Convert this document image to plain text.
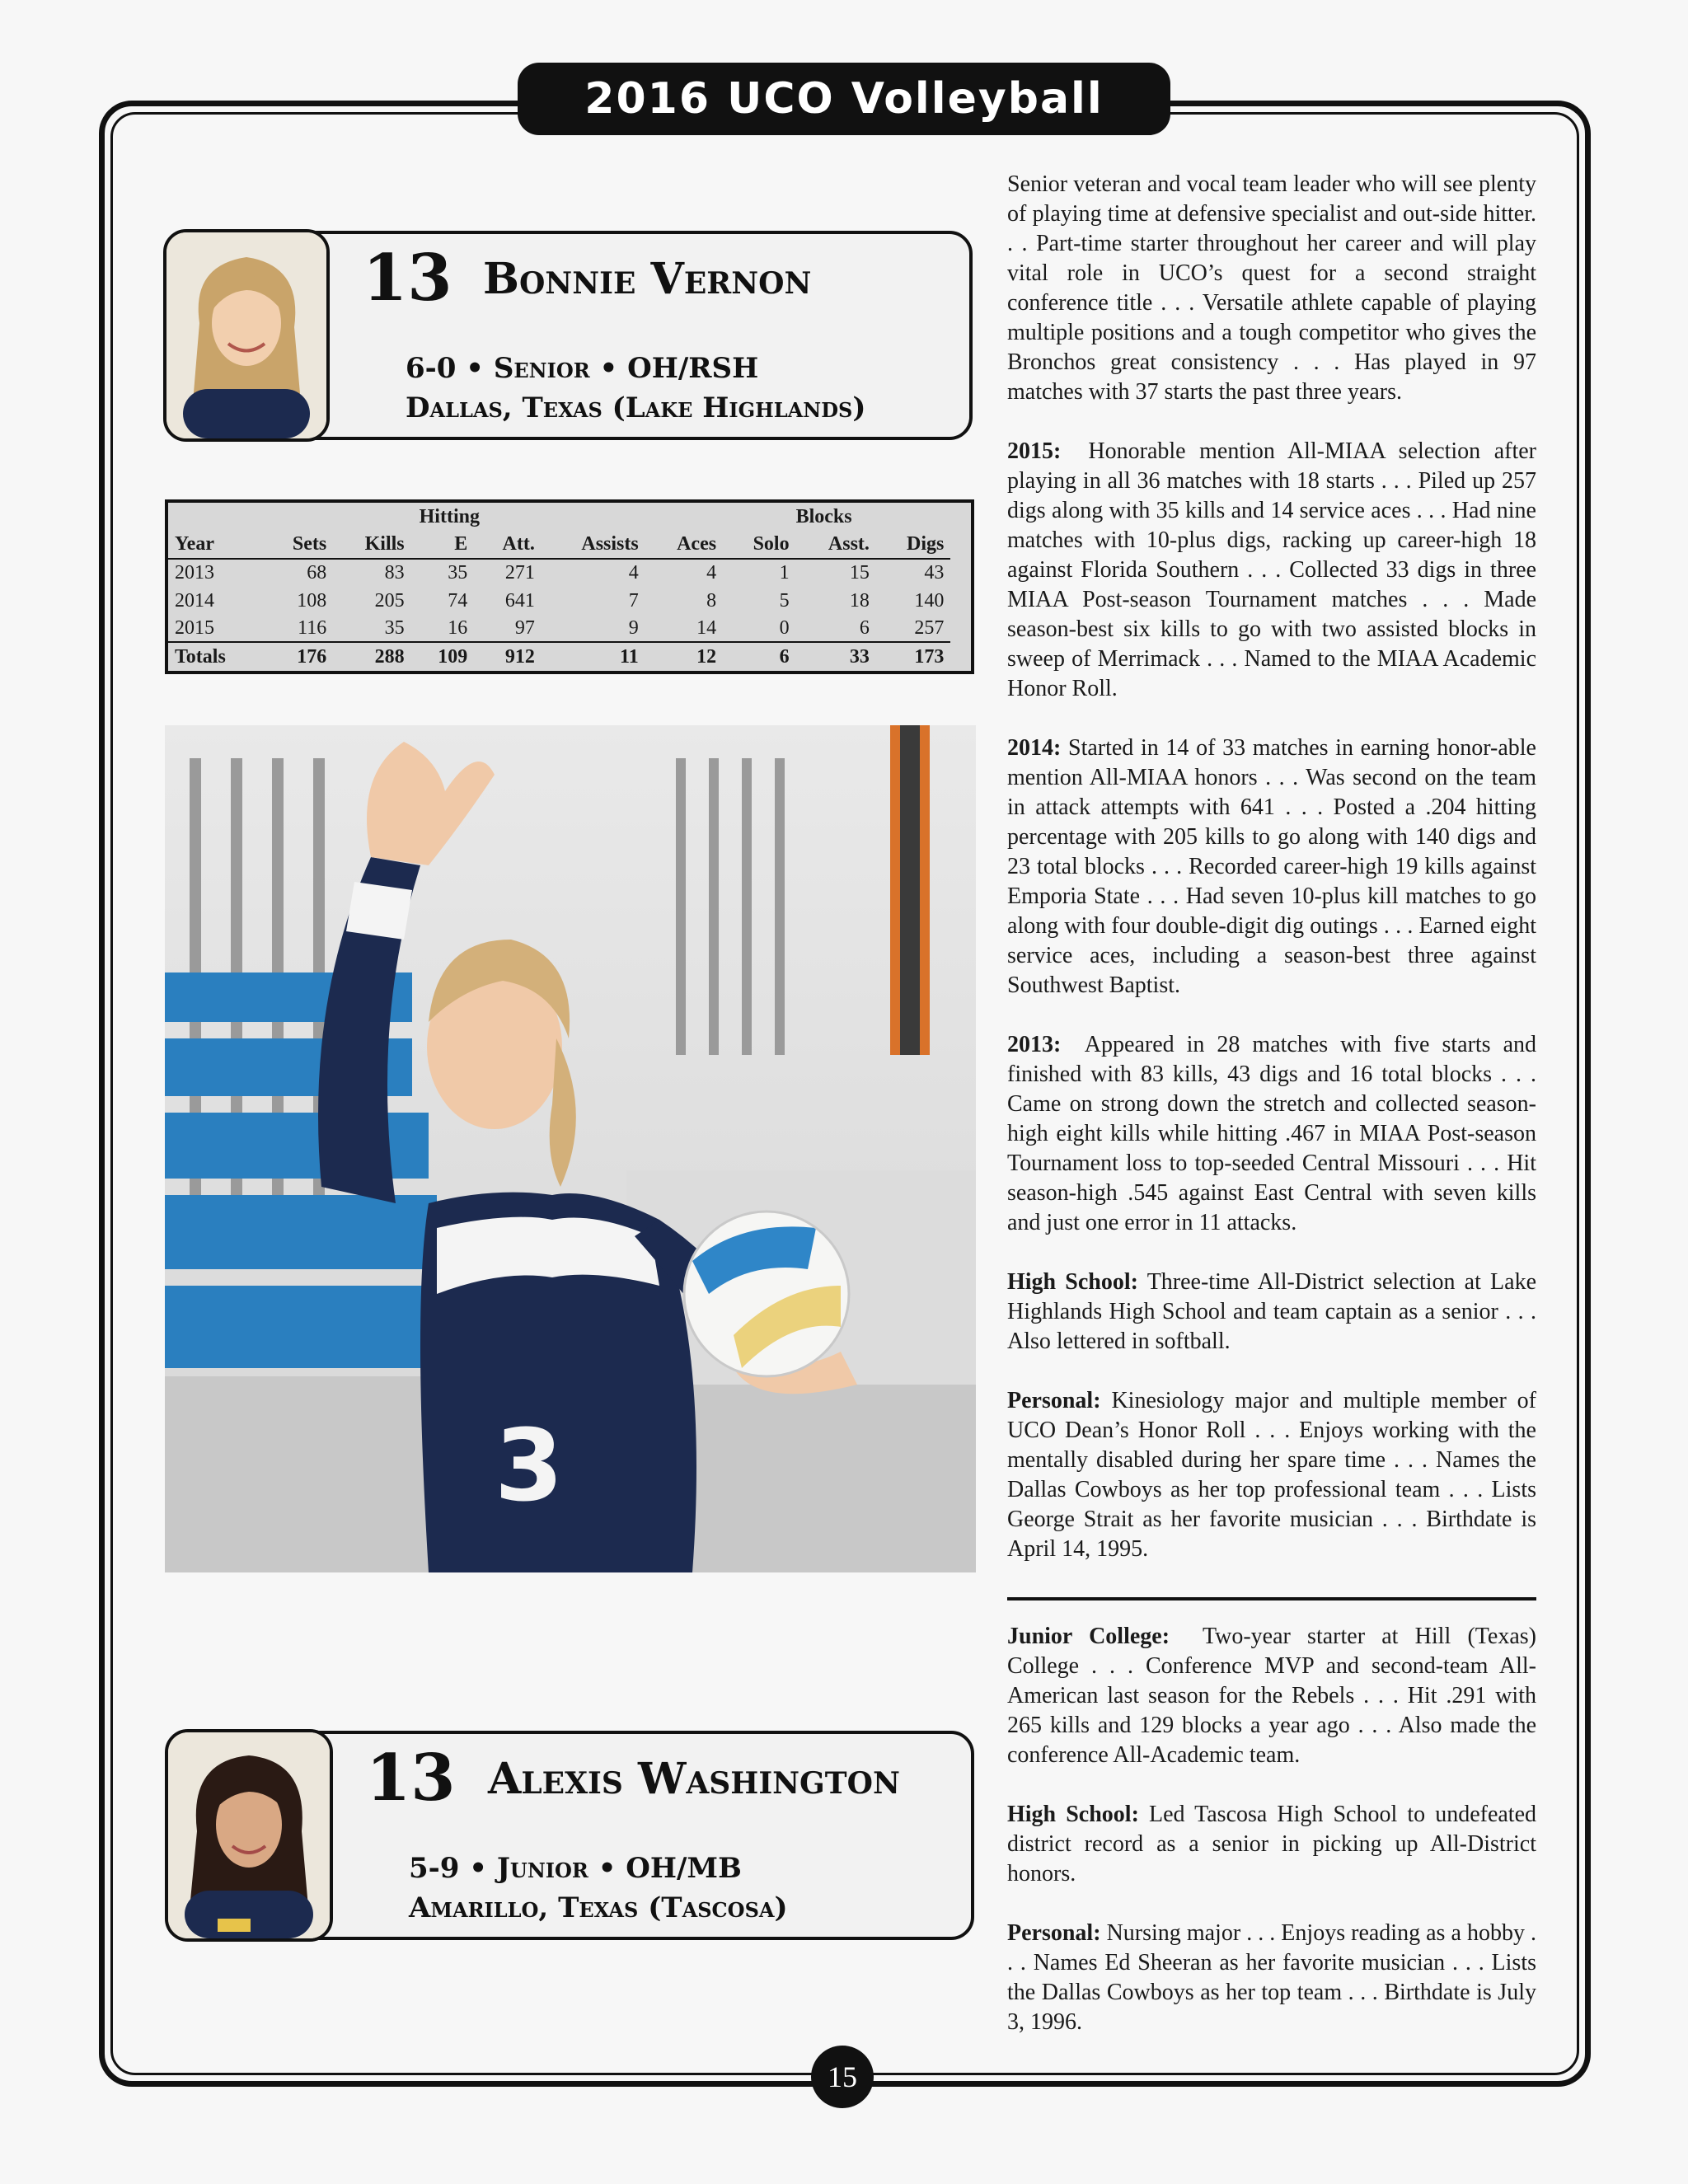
2016 UCO Volleyball
13 Bonnie Vernon
6-0 • Senior • OH/RSH
Dallas, Texas (Lake Highlands)
			Hitting					Blocks		
Year	Sets	Kills	E	Att.	Assists	Aces	Solo	Asst.	Digs	
2013	68	83	35	271	4	4	1	15	43	
2014	108	205	74	641	7	8	5	18	140	
2015	116	35	16	97	9	14	0	6	257	
Totals	176	288	109	912	11	12	6	33	173	
3

Senior veteran and vocal team leader who will see plenty of playing time at defensive specialist and out-side hitter. . . Part-time starter throughout her career and will play vital role in UCO’s quest for a second straight conference title . . . Versatile athlete capable of playing multiple positions and a tough competitor who gives the Bronchos great consistency . . . Has played in 97 matches with 37 starts the past three years.

2015: Honorable mention All-MIAA selection after playing in all 36 matches with 18 starts . . . Piled up 257 digs along with 35 kills and 14 service aces . . . Had nine matches with 10-plus digs, racking up career-high 18 against Florida Southern . . . Collected 33 digs in three MIAA Post-season Tournament matches . . . Made season-best six kills to go with two assisted blocks in sweep of Merrimack . . . Named to the MIAA Academic Honor Roll.

2014: Started in 14 of 33 matches in earning honor-able mention All-MIAA honors . . . Was second on the team in attack attempts with 641 . . . Posted a .204 hitting percentage with 205 kills to go along with 140 digs and 23 total blocks . . . Recorded career-high 19 kills against Emporia State . . . Had seven 10-plus kill matches to go along with four double-digit dig outings . . . Earned eight service aces, including a season-best three against Southwest Baptist.

2013: Appeared in 28 matches with five starts and finished with 83 kills, 43 digs and 16 total blocks . . . Came on strong down the stretch and collected season-high eight kills while hitting .467 in MIAA Post-season Tournament loss to top-seeded Central Missouri . . . Hit season-high .545 against East Central with seven kills and just one error in 11 attacks.

High School: Three-time All-District selection at Lake Highlands High School and team captain as a senior . . . Also lettered in softball.

Personal: Kinesiology major and multiple member of UCO Dean’s Honor Roll . . . Enjoys working with the mentally disabled during her spare time . . . Names the Dallas Cowboys as her top professional team . . . Lists George Strait as her favorite musician . . . Birthdate is April 14, 1995.

Junior College: Two-year starter at Hill (Texas) College . . . Conference MVP and second-team All-American last season for the Rebels . . . Hit .291 with 265 kills and 129 blocks a year ago . . . Also made the conference All-Academic team.

High School: Led Tascosa High School to undefeated district record as a senior in picking up All-District honors.

Personal: Nursing major . . . Enjoys reading as a hobby . . . Names Ed Sheeran as her favorite musician . . . Lists the Dallas Cowboys as her top team . . . Birthdate is July 3, 1996.

13 Alexis Washington
5-9 • Junior • OH/MB
Amarillo, Texas (Tascosa)
15
